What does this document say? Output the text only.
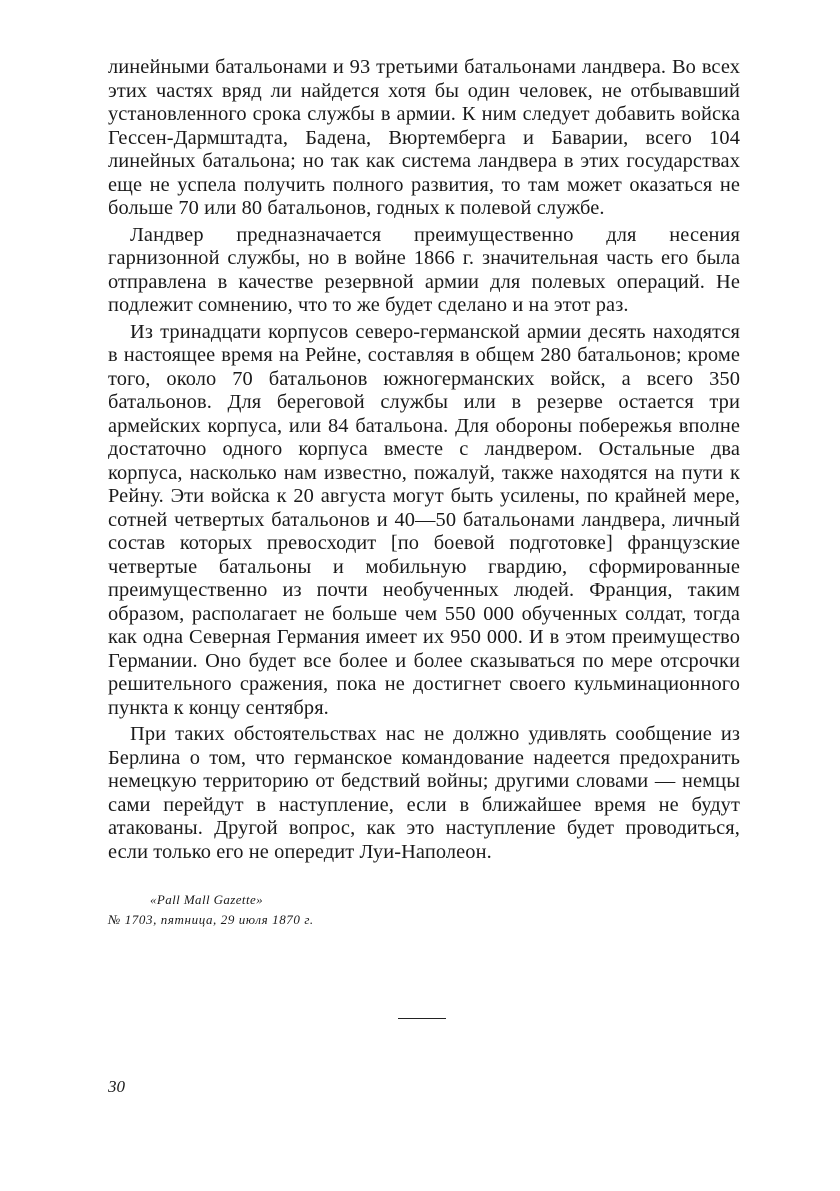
линейными батальонами и 93 третьими батальонами ландвера. Во всех этих частях вряд ли найдется хотя бы один человек, не отбывавший установленного срока службы в армии. К ним следует добавить войска Гессен-Дармштадта, Бадена, Вюртемберга и Баварии, всего 104 линейных батальона; но так как система ландвера в этих государствах еще не успела получить полного развития, то там может оказаться не больше 70 или 80 батальонов, годных к полевой службе.

Ландвер предназначается преимущественно для несения гарнизонной службы, но в войне 1866 г. значительная часть его была отправлена в качестве резервной армии для полевых операций. Не подлежит сомнению, что то же будет сделано и на этот раз.

Из тринадцати корпусов северо-германской армии десять находятся в настоящее время на Рейне, составляя в общем 280 батальонов; кроме того, около 70 батальонов южногерманских войск, а всего 350 батальонов. Для береговой службы или в резерве остается три армейских корпуса, или 84 батальона. Для обороны побережья вполне достаточно одного корпуса вместе с ландвером. Остальные два корпуса, насколько нам известно, пожалуй, также находятся на пути к Рейну. Эти войска к 20 августа могут быть усилены, по крайней мере, сотней четвертых батальонов и 40—50 батальонами ландвера, личный состав которых превосходит [по боевой подготовке] французские четвертые батальоны и мобильную гвардию, сформированные преимущественно из почти необученных людей. Франция, таким образом, располагает не больше чем 550 000 обученных солдат, тогда как одна Северная Германия имеет их 950 000. И в этом преимущество Германии. Оно будет все более и более сказываться по мере отсрочки решительного сражения, пока не достигнет своего кульминационного пункта к концу сентября.

При таких обстоятельствах нас не должно удивлять сообщение из Берлина о том, что германское командование надеется предохранить немецкую территорию от бедствий войны; другими словами — немцы сами перейдут в наступление, если в ближайшее время не будут атакованы. Другой вопрос, как это наступление будет проводиться, если только его не опередит Луи-Наполеон.

«Pall Mall Gazette»
№ 1703, пятница, 29 июля 1870 г.
30
